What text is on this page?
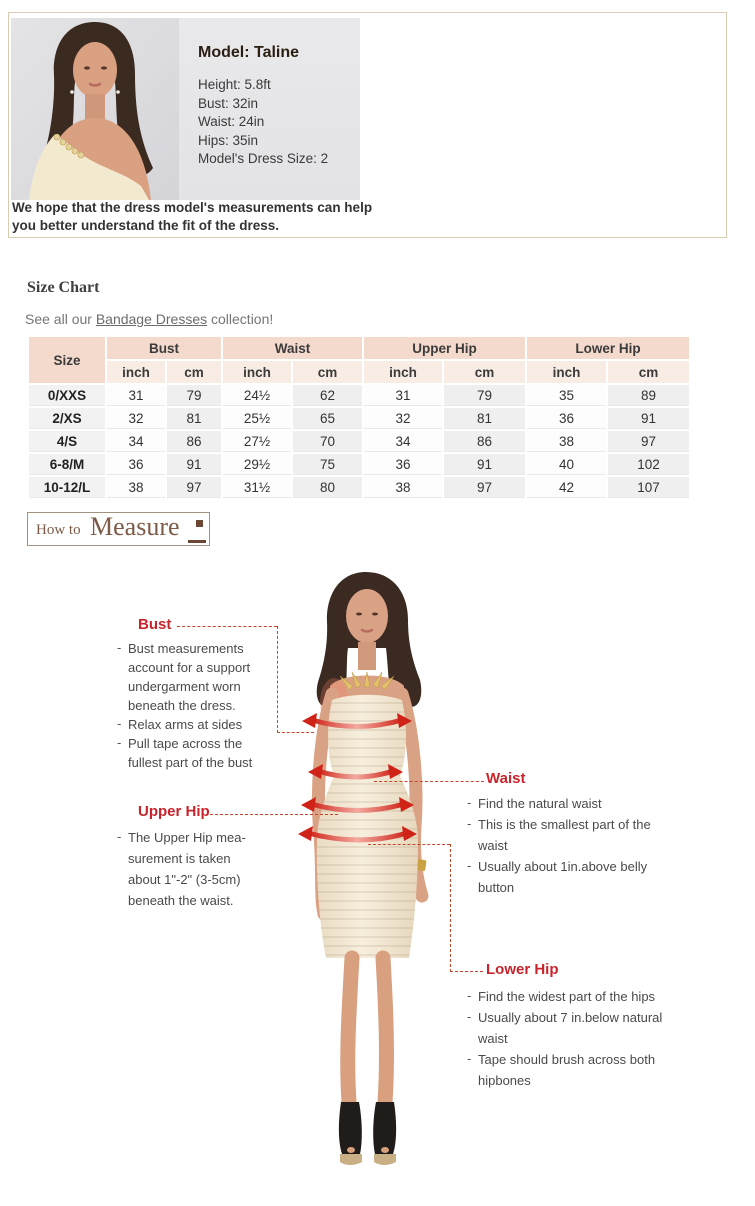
Model: Taline
Height: 5.8ft
Bust: 32in
Waist: 24in
Hips: 35in
Model's Dress Size: 2
We hope that the dress model's measurements can help you better understand the fit of the dress.
Size Chart
See all our Bandage Dresses collection!
Size	Bust		Waist		Upper Hip		Lower Hip	
	inch	cm	inch	cm	inch	cm	inch	cm
0/XXS	31	79	24½	62	31	79	35	89
2/XS	32	81	25½	65	32	81	36	91
4/S	34	86	27½	70	34	86	38	97
6-8/M	36	91	29½	75	36	91	40	102
10-12/L	38	97	31½	80	38	97	42	107
How to Measure
Bust
- Bust measurements account for a support undergarment worn beneath the dress.
- Relax arms at sides
- Pull tape across the fullest part of the bust
Upper Hip
- The Upper Hip mea-surement is taken about 1"-2" (3-5cm) beneath the waist.
Waist
- Find the natural waist
- This is the smallest part of the waist
- Usually about 1in.above belly button
Lower Hip
- Find the widest part of the hips
- Usually about 7 in.below natural waist
- Tape should brush across both hipbones
